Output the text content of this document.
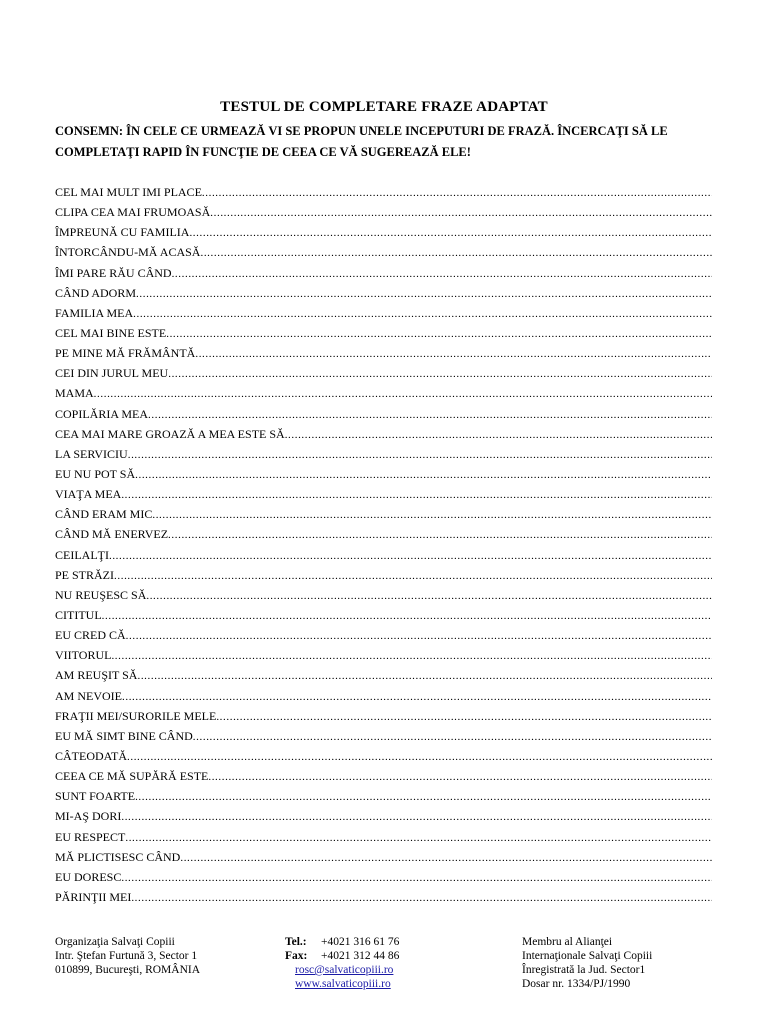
TESTUL DE COMPLETARE FRAZE ADAPTAT
CONSEMN: ÎN CELE CE URMEAZĂ VI SE PROPUN UNELE INCEPUTURI DE FRAZĂ. ÎNCERCAŢI SĂ LE
COMPLETAŢI RAPID ÎN FUNCŢIE DE CEEA CE VĂ SUGEREAZĂ ELE!
CEL MAI MULT IMI PLACE
.....
CLIPA CEA MAI FRUMOASĂ
.....
ÎMPREUNĂ CU FAMILIA
.....
ÎNTORCÂNDU-MĂ ACASĂ
.....
ÎMI PARE RĂU CÂND
.....
CÂND ADORM
.....
FAMILIA MEA
.....
CEL MAI BINE ESTE
.....
PE MINE MĂ FRĂMÂNTĂ
.....
CEI DIN JURUL MEU
.....
MAMA
.....
COPILĂRIA MEA
.....
CEA MAI MARE GROAZĂ A MEA ESTE SĂ
.....
LA SERVICIU
.....
EU NU POT SĂ
.....
VIAŢA MEA
.....
CÂND ERAM MIC
.....
CÂND MĂ ENERVEZ
.....
CEILALŢI
.....
PE STRĂZI
.....
NU REUŞESC SĂ
.....
CITITUL
.....
EU CRED CĂ
.....
VIITORUL
.....
AM REUŞIT SĂ
.....
AM NEVOIE
.....
FRAŢII MEI/SURORILE MELE
.....
EU MĂ SIMT BINE CÂND
.....
CÂTEODATĂ
.....
CEEA CE MĂ SUPĂRĂ ESTE
.....
SUNT FOARTE
.....
MI-AŞ DORI
.....
EU RESPECT
.....
MĂ PLICTISESC CÂND
.....
EU DORESC
.....
PĂRINŢII MEI
.....
Organizaţia Salvaţi Copiii
Intr. Ştefan Furtună 3, Sector 1
010899, Bucureşti, ROMÂNIA
Tel.: +4021 316 61 76
Fax: +4021 312 44 86
rosc@salvaticopiii.ro
www.salvaticopiii.ro
Membru al Alianţei
Internaţionale Salvaţi Copiii
Înregistrată la Jud. Sector1
Dosar nr. 1334/PJ/1990
